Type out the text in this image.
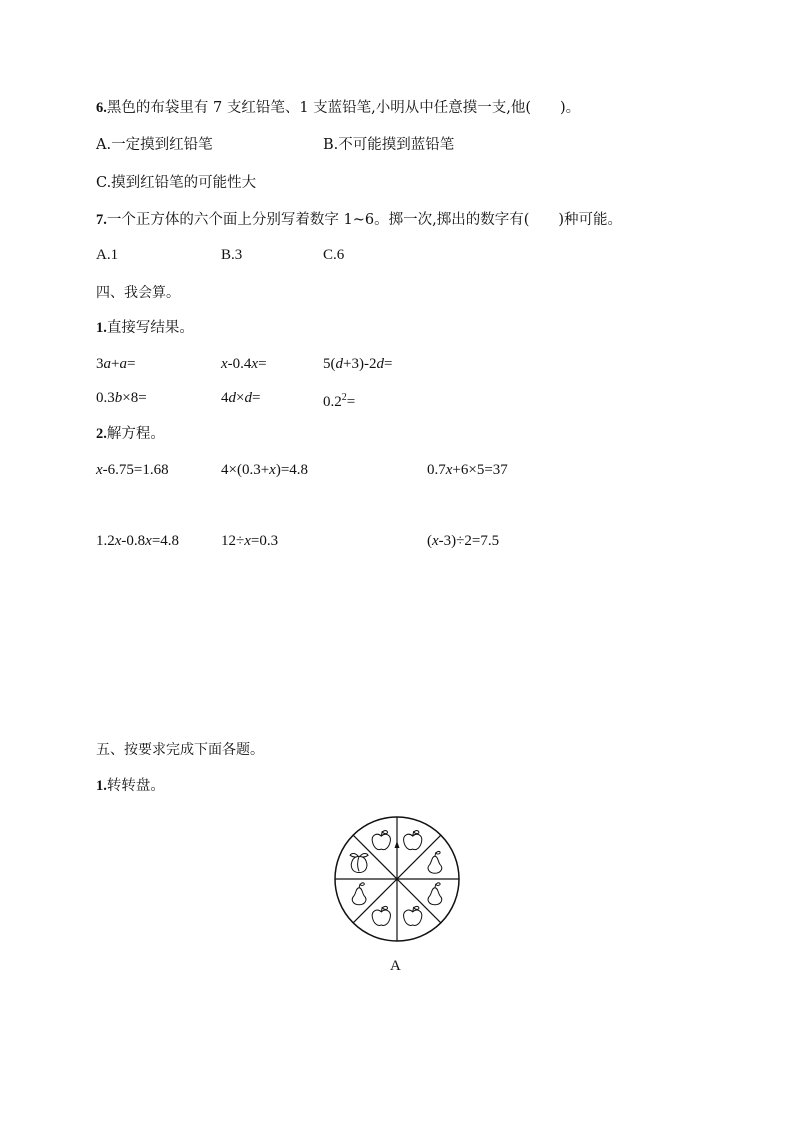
6.黑色的布袋里有 7 支红铅笔、1 支蓝铅笔,小明从中任意摸一支,他(　　)。
A.一定摸到红铅笔	B.不可能摸到蓝铅笔
C.摸到红铅笔的可能性大
7.一个正方体的六个面上分别写着数字 1~6。掷一次,掷出的数字有(　　)种可能。
A.1	B.3	C.6
四、我会算。
1.直接写结果。
3a+a=	x-0.4x=	5(d+3)-2d=
0.3b×8=	4d×d=	$0.2^2=$
2.解方程。
x-6.75=1.68	4×(0.3+x)=4.8	0.7x+6×5=37
1.2x-0.8x=4.8	12÷x=0.3	(x-3)÷2=7.5
五、按要求完成下面各题。
1.转转盘。
A
